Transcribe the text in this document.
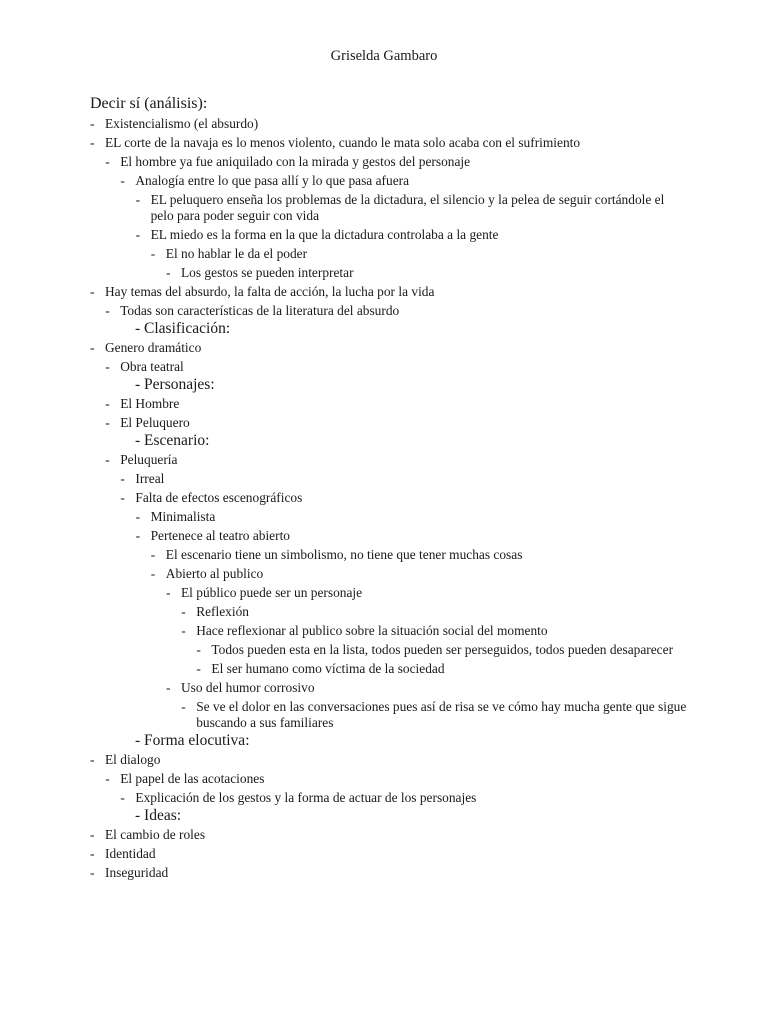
Griselda Gambaro
Decir sí (análisis):
- Existencialismo (el absurdo)
- EL corte de la navaja es lo menos violento, cuando le mata solo acaba con el sufrimiento
- El hombre ya fue aniquilado con la mirada y gestos del personaje
- Analogía entre lo que pasa allí y lo que pasa afuera
- EL peluquero enseña los problemas de la dictadura, el silencio y la pelea de seguir cortándole el pelo para poder seguir con vida
- EL miedo es la forma en la que la dictadura controlaba a la gente
- El no hablar le da el poder
- Los gestos se pueden interpretar
- Hay temas del absurdo, la falta de acción, la lucha por la vida
- Todas son características de la literatura del absurdo
- Clasificación:
- Genero dramático
- Obra teatral
- Personajes:
- El Hombre
- El Peluquero
- Escenario:
- Peluquería
- Irreal
- Falta de efectos escenográficos
- Minimalista
- Pertenece al teatro abierto
- El escenario tiene un simbolismo, no tiene que tener muchas cosas
- Abierto al publico
- El público puede ser un personaje
- Reflexión
- Hace reflexionar al publico sobre la situación social del momento
- Todos pueden esta en la lista, todos pueden ser perseguidos, todos pueden desaparecer
- El ser humano como víctima de la sociedad
- Uso del humor corrosivo
- Se ve el dolor en las conversaciones pues así de risa se ve cómo hay mucha gente que sigue buscando a sus familiares
- Forma elocutiva:
- El dialogo
- El papel de las acotaciones
- Explicación de los gestos y la forma de actuar de los personajes
- Ideas:
- El cambio de roles
- Identidad
- Inseguridad
